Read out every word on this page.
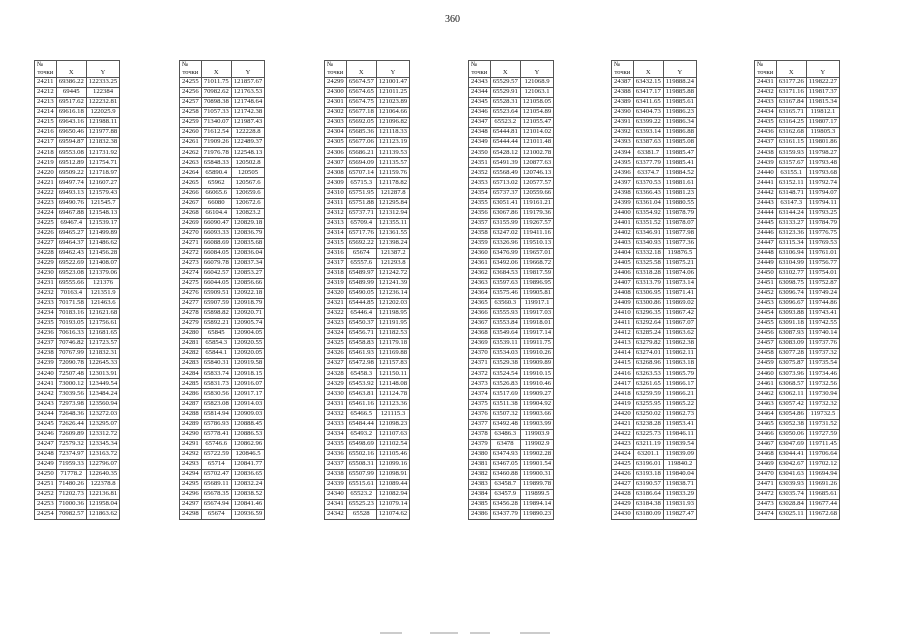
360
№		
точки	X	Y
24211	69386.22	122333.25
24212	69445	122384
24213	69517.62	122232.81
24214	69616.18	122025.9
24215	69643.16	121988.11
24216	69650.46	121977.88
24217	69594.87	121832.38
24218	69553.08	121731.92
24219	69512.89	121754.71
24220	69509.22	121718.97
24221	69497.74	121607.27
24222	69493.13	121579.43
24223	69490.76	121545.7
24224	69467.88	121548.13
24225	69467.4	121539.17
24226	69465.27	121499.89
24227	69464.37	121486.62
24228	69462.43	121456.28
24229	69522.69	121408.07
24230	69523.08	121379.06
24231	69555.66	121376
24232	70163.4	121351.9
24233	70171.58	121463.6
24234	70183.16	121621.68
24235	70193.05	121756.61
24236	70616.33	121681.65
24237	70746.82	121723.57
24238	70767.99	121832.31
24239	72090.78	122645.33
24240	72507.48	123013.91
24241	73000.12	123449.54
24242	73039.56	123484.24
24243	72973.98	123560.94
24244	72648.36	123272.03
24245	72626.44	123295.07
24246	72609.89	123312.72
24247	72579.32	123345.34
24248	72374.97	123163.72
24249	71959.33	122796.07
24250	71778.2	122640.35
24251	71480.26	122378.8
24252	71202.73	122136.81
24253	71000.36	121958.04
24254	70982.57	121863.62
№		
точки	X	Y
24255	71011.75	121857.67
24256	70982.62	121763.53
24257	70898.38	121748.64
24258	71057.33	121742.38
24259	71340.07	121987.43
24260	71612.54	122228.8
24261	71909.26	122489.37
24262	71976.78	122548.13
24263	65848.33	120502.8
24264	65890.4	120505
24265	65962	120567.6
24266	66065.6	120659.6
24267	66080	120672.6
24268	66104.4	120823.2
24269	66090.47	120829.18
24270	66093.33	120836.79
24271	66088.69	120835.68
24272	66084.05	120836.04
24273	66079.78	120837.34
24274	66042.57	120853.27
24275	66044.05	120856.66
24276	65909.51	120922.18
24277	65907.59	120918.79
24278	65898.82	120920.71
24279	65892.21	120905.74
24280	65845	120904.05
24281	65854.3	120920.55
24282	65844.1	120920.05
24283	65840.31	120919.58
24284	65833.74	120918.15
24285	65831.73	120916.07
24286	65830.56	120917.17
24287	65823.08	120914.03
24288	65814.94	120909.03
24289	65786.93	120888.45
24290	65778.41	120886.53
24291	65746.6	120862.96
24292	65722.59	120846.5
24293	65714	120841.77
24294	65702.47	120836.65
24295	65689.11	120832.24
24296	65678.35	120838.52
24297	65674.94	120841.46
24298	65674	120936.59
№		
точки	X	Y
24299	65674.57	121001.47
24300	65674.65	121011.25
24301	65674.75	121023.89
24302	65677.18	121064.66
24303	65692.05	121096.82
24304	65685.36	121118.33
24305	65677.06	121123.19
24306	65686.21	121139.53
24307	65694.09	121135.57
24308	65707.14	121159.76
24309	65715.3	121178.82
24310	65751.95	121287.8
24311	65751.88	121295.84
24312	65737.71	121312.94
24313	65709.4	121355.11
24314	65717.76	121361.55
24315	65692.22	121398.24
24316	65674	121387.2
24317	65557.6	121293.8
24318	65489.97	121242.72
24319	65489.99	121241.39
24320	65490.05	121236.14
24321	65444.85	121202.03
24322	65446.4	121198.95
24323	65450.37	121191.95
24324	65456.71	121182.53
24325	65458.83	121179.18
24326	65461.93	121169.88
24327	65472.98	121157.83
24328	65458.3	121150.11
24329	65453.92	121148.08
24330	65463.81	121124.78
24331	65461.16	121123.36
24332	65466.5	121115.3
24333	65484.44	121098.23
24334	65493.2	121107.63
24335	65498.69	121102.54
24336	65502.16	121105.46
24337	65508.31	121099.16
24338	65507.99	121098.91
24339	65515.61	121089.44
24340	65523.2	121082.94
24341	65525.23	121079.14
24342	65528	121074.62
№		
точки	X	Y
24343	65529.57	121068.9
24344	65529.91	121063.1
24345	65528.31	121058.05
24346	65523.64	121054.89
24347	65523.2	121055.47
24348	65444.81	121014.02
24349	65444.44	121011.48
24350	65428.12	121002.78
24351	65491.39	120877.63
24352	65568.49	120746.13
24353	65713.02	120577.57
24354	65737.37	120559.66
24355	63051.41	119161.21
24356	63067.86	119179.36
24357	63155.99	119267.57
24358	63247.02	119411.16
24359	63326.96	119510.13
24360	63476.99	119657.01
24361	63492.06	119668.72
24362	63684.53	119817.59
24363	63597.63	119896.95
24364	63575.46	119905.81
24365	63560.3	119917.1
24366	63555.93	119917.03
24367	63553.84	119918.01
24368	63549.64	119917.14
24369	63539.11	119911.75
24370	63534.03	119910.26
24371	63529.38	119909.89
24372	63524.54	119910.15
24373	63526.83	119910.46
24374	63517.69	119909.27
24375	63511.38	119904.92
24376	63507.32	119903.66
24377	63492.48	119903.99
24378	63486.3	119903.9
24379	63478	119902.9
24380	63474.93	119902.28
24381	63467.05	119901.54
24382	63460.88	119900.31
24383	63458.7	119899.78
24384	63457.9	119899.5
24385	63456.28	119894.14
24386	63437.79	119890.23
№		
точки	X	Y
24387	63432.15	119888.24
24388	63417.17	119885.88
24389	63411.65	119885.61
24390	63404.73	119886.23
24391	63399.22	119886.34
24392	63393.14	119886.88
24393	63387.63	119885.08
24394	63381.7	119885.47
24395	63377.79	119885.41
24396	63374.7	119884.52
24397	63370.53	119881.61
24398	63366.43	119881.23
24399	63361.04	119880.55
24400	63354.92	119878.79
24401	63351.52	119878.07
24402	63346.91	119877.98
24403	63340.93	119877.36
24404	63332.18	119876.5
24405	63325.58	119875.21
24406	63318.28	119874.06
24407	63313.79	119873.14
24408	63306.95	119871.41
24409	63300.86	119869.02
24410	63296.35	119867.42
24411	63292.64	119867.07
24412	63285.24	119863.62
24413	63279.82	119862.38
24414	63274.01	119862.11
24415	63268.96	119863.18
24416	63263.53	119865.79
24417	63261.65	119866.17
24418	63259.59	119866.21
24419	63255.95	119865.22
24420	63250.02	119862.73
24421	63238.28	119853.41
24422	63225.73	119846.11
24423	63211.19	119839.54
24424	63201.1	119839.09
24425	63196.01	119840.2
24426	63193.18	119840.04
24427	63190.57	119838.71
24428	63186.64	119833.29
24429	63184.38	119831.93
24430	63180.09	119827.47
№		
точки	X	Y
24431	63177.26	119822.27
24432	63171.16	119817.37
24433	63167.84	119815.34
24434	63165.71	119812.1
24435	63164.25	119807.17
24436	63162.68	119805.3
24437	63161.15	119801.86
24438	63159.93	119798.27
24439	63157.67	119793.48
24440	63155.1	119793.68
24441	63152.11	119792.74
24442	63148.71	119794.07
24443	63147.3	119794.11
24444	63144.24	119793.25
24445	63133.27	119784.79
24446	63123.36	119776.75
24447	63115.34	119769.53
24448	63106.94	119761.01
24449	63104.99	119756.77
24450	63102.77	119754.01
24451	63098.75	119752.87
24452	63096.74	119749.24
24453	63096.67	119744.86
24454	63093.88	119743.41
24455	63091.18	119742.55
24456	63087.93	119740.14
24457	63083.09	119737.76
24458	63077.28	119737.32
24459	63075.87	119735.54
24460	63073.96	119734.46
24461	63068.57	119732.56
24462	63062.11	119730.94
24463	63057.42	119732.32
24464	63054.86	119732.5
24465	63052.38	119731.52
24466	63050.06	119727.59
24467	63047.69	119711.45
24468	63044.41	119706.64
24469	63042.67	119702.12
24470	63041.63	119694.94
24471	63039.93	119691.26
24472	63035.74	119685.61
24473	63028.84	119677.44
24474	63025.11	119672.68
